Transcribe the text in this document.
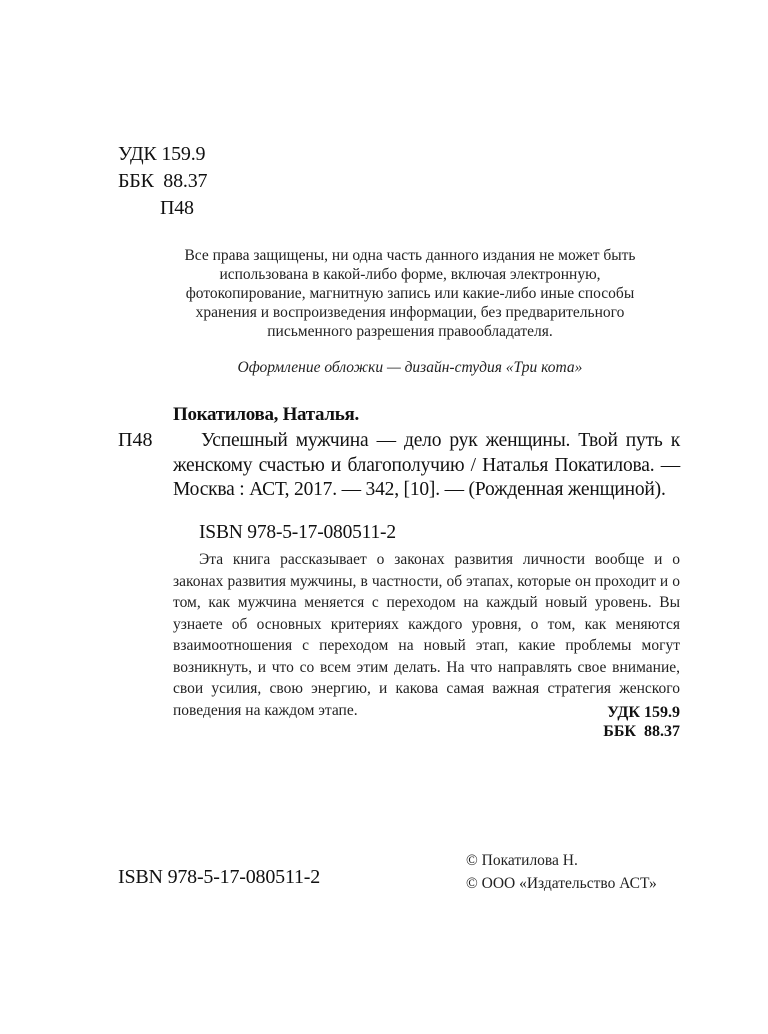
УДК 159.9
ББК  88.37
П48
Все права защищены, ни одна часть данного издания не может быть использована в какой-либо форме, включая электронную, фотокопирование, магнитную запись или какие-либо иные способы хранения и воспроизведения информации, без предварительного письменного разрешения правообладателя.
Оформление обложки — дизайн-студия «Три кота»
Покатилова, Наталья.
П48	Успешный мужчина — дело рук женщины. Твой путь к женскому счастью и благополучию / Наталья Покатилова. — Москва : АСТ, 2017. — 342, [10]. — (Рожденная женщиной).
ISBN 978-5-17-080511-2
Эта книга рассказывает о законах развития личности вообще и о законах развития мужчины, в частности, об этапах, которые он проходит и о том, как мужчина меняется с переходом на каждый новый уровень. Вы узнаете об основных критериях каждого уровня, о том, как меняются взаимоотношения с переходом на новый этап, какие проблемы могут возникнуть, и что со всем этим делать. На что направлять свое внимание, свои усилия, свою энергию, и какова самая важная стратегия женского поведения на каждом этапе.	УДК 159.9
ББК  88.37
ISBN 978-5-17-080511-2
© Покатилова Н.
© ООО «Издательство АСТ»
